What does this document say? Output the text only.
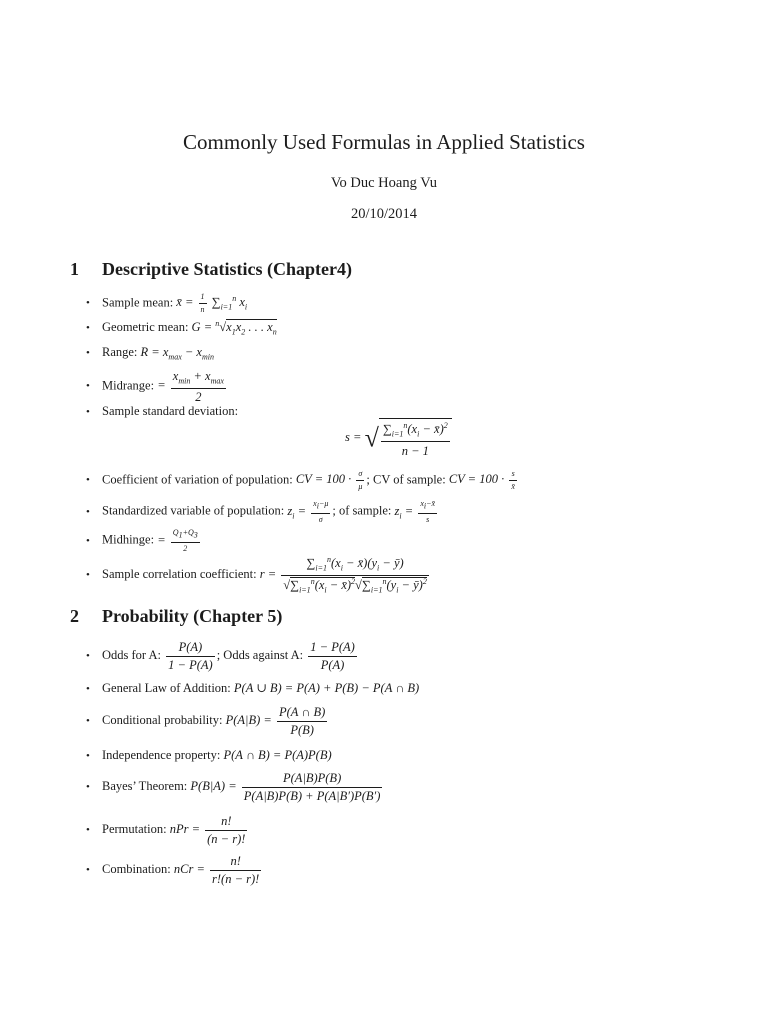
Commonly Used Formulas in Applied Statistics
Vo Duc Hoang Vu
20/10/2014
1 Descriptive Statistics (Chapter4)
• Sample mean: x̄ = $\frac{1}{n} \sum_{i=1}^n$ $x_i$
• Geometric mean: $G = ^n√x_1x_2$ . . . $x_n$
• Range: $R = x_{max} - x_{min}$
• Midrange: =
$x_{min} + x_{max}$
2
• Sample standard deviation:
s = √ $\frac{\sum_{i=1}^n(x_i - x̄)^2}{n - 1}$
• Coefficient of variation of population: CV = $100 \cdot \frac{\sigma}{\mu}$ ; CV of sample: CV = $100 \cdot \frac{s}{x̄}$
• Standardized variable of population: $z_i = \frac{x_i-\mu}{\sigma}$ ; of sample: $z_i = \frac{x_i-x̄}{s}$
• Midhinge: = $\frac{Q_1+Q_3}{2}$
• Sample correlation coefficient: $r = \frac{\sum_{i=1}^n(x_i - x̄)(y_i - ȳ)}{√\sum_{i=1}^n(x_i - x̄)^2√\sum_{i=1}^n(y_i - ȳ)^2}$
2 Probability (Chapter 5)
• Odds for A: $\frac{P(A)}{1 - P(A)}$ ; Odds against A: $\frac{1 - P(A)}{P(A)}$
• General Law of Addition: P(A ∪ B) = P(A) + P(B) − P(A ∩ B)
• Conditional probability: $P(A|B) = \frac{P(A \cap B)}{P(B)}$
• Independence property: P(A ∩ B) = P(A)P(B)
• Bayes’ Theorem: $P(B|A) = \frac{P(A|B)P(B)}{P(A|B)P(B) + P(A|B')P(B')}$
• Permutation: nPr = $\frac{n!}{(n - r)!}$
• Combination: nCr = $\frac{n!}{r!(n - r)!}$
